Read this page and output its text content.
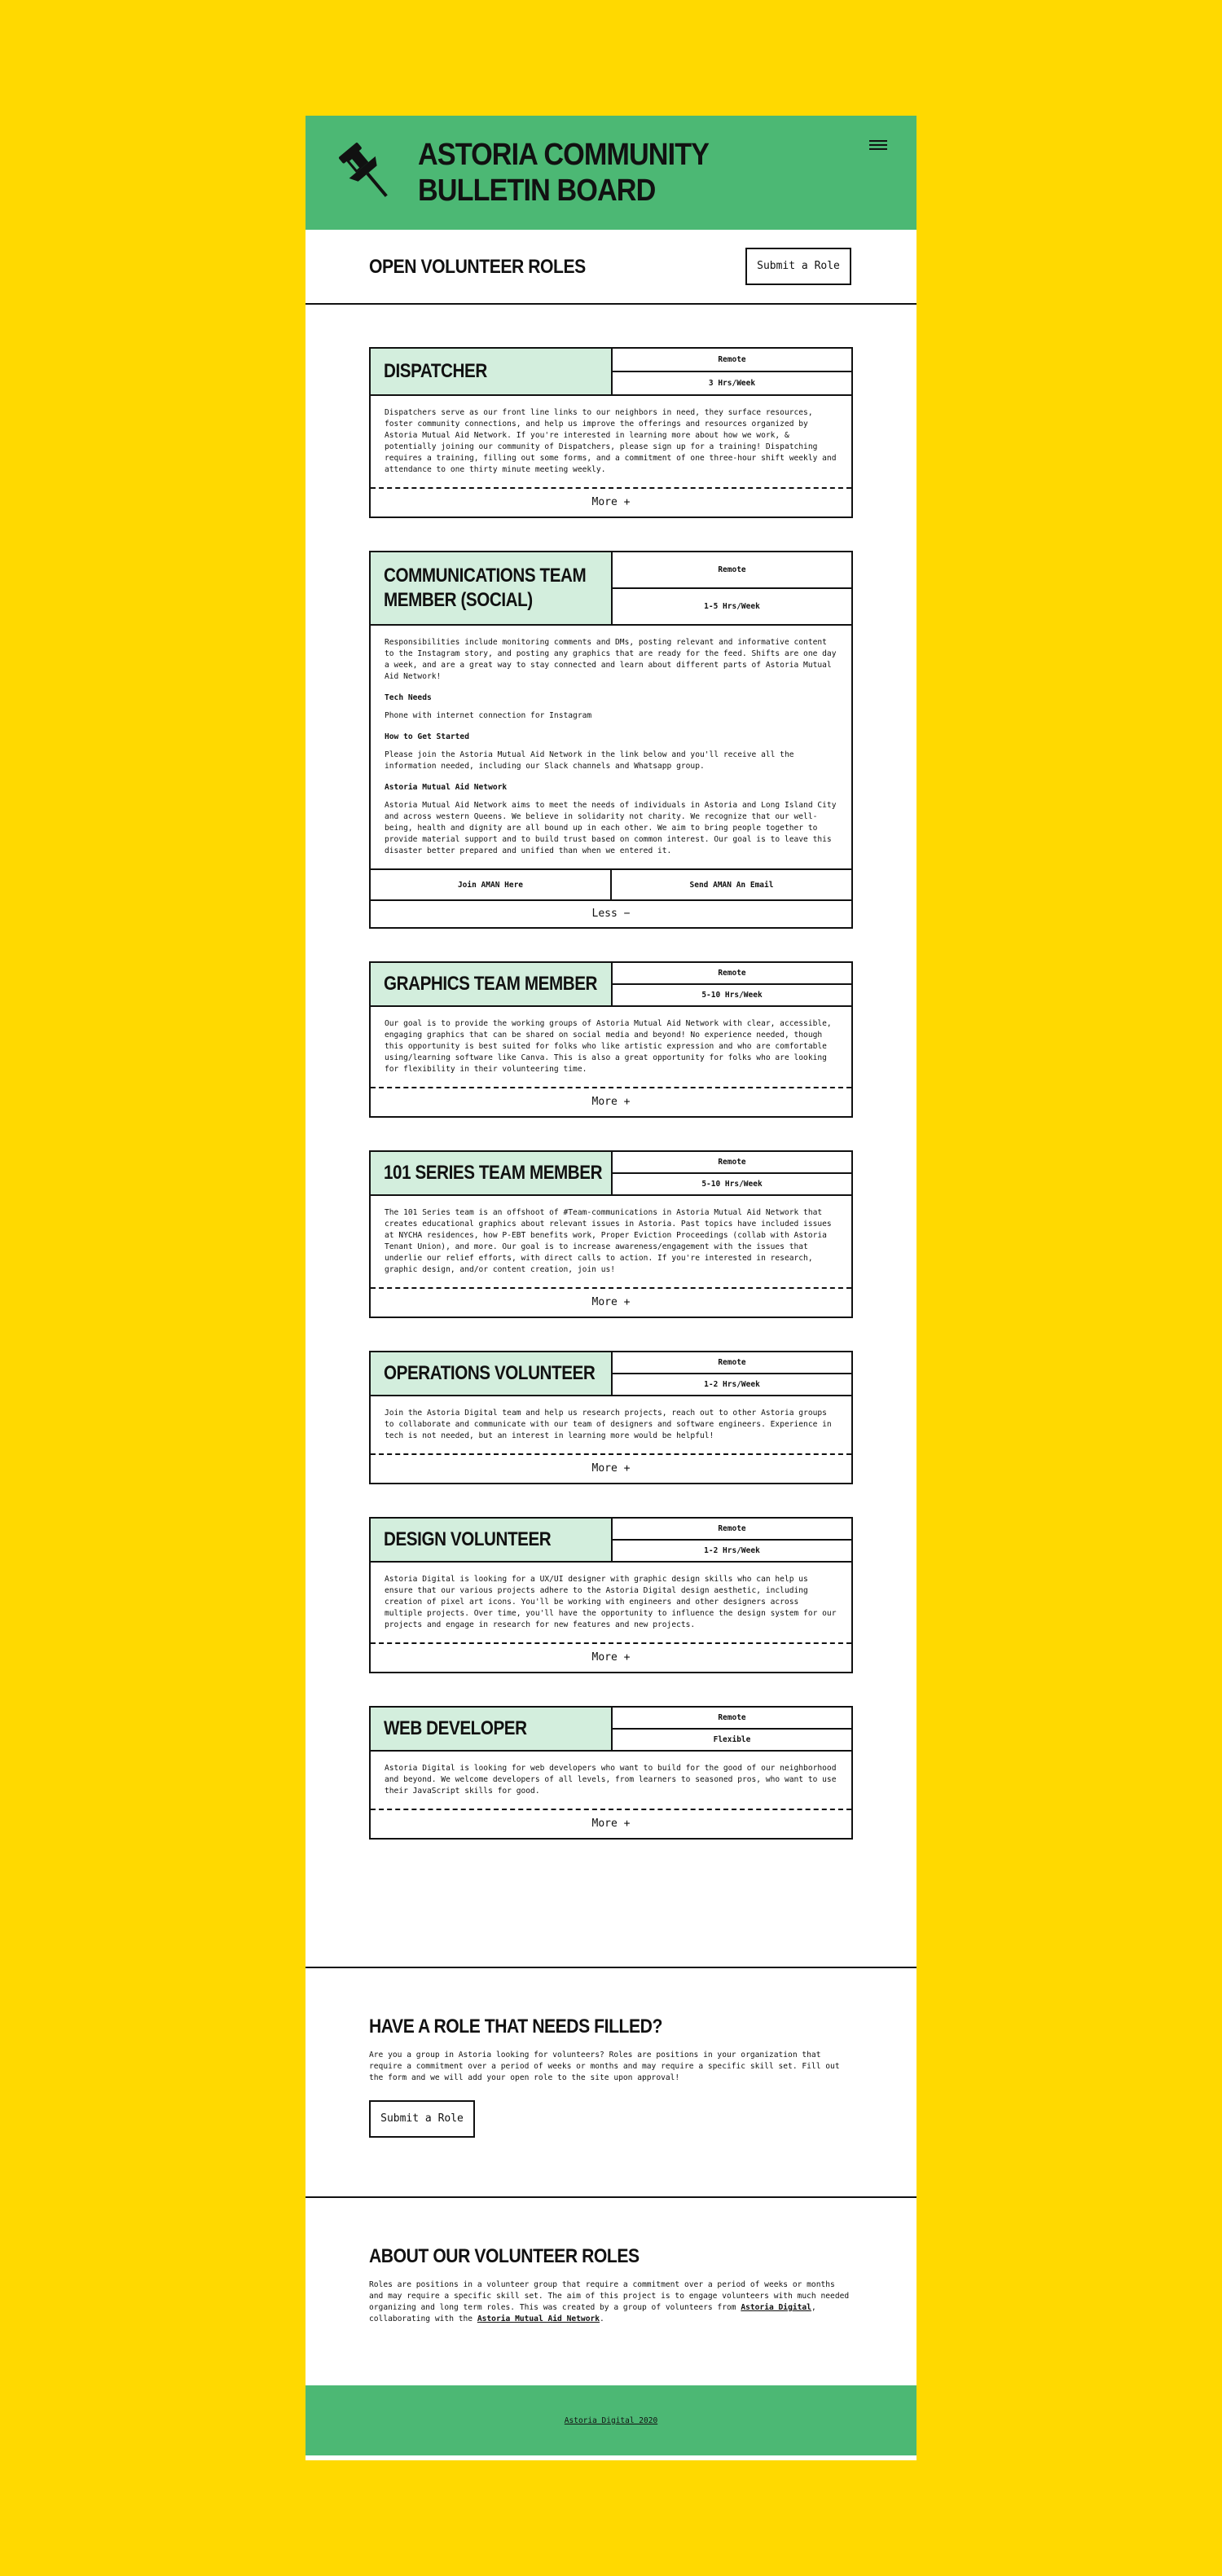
ASTORIA COMMUNITY
BULLETIN BOARD
OPEN VOLUNTEER ROLES	Submit a Role
DISPATCHER
Remote
3 Hrs/Week

Dispatchers serve as our front line links to our neighbors in need, they surface resources, foster community connections, and help us improve the offerings and resources organized by Astoria Mutual Aid Network. If you're interested in learning more about how we work, & potentially joining our community of Dispatchers, please sign up for a training! Dispatching requires a training, filling out some forms, and a commitment of one three-hour shift weekly and attendance to one thirty minute meeting weekly.

More +
COMMUNICATIONS TEAM
MEMBER (SOCIAL)
Remote
1-5 Hrs/Week

Responsibilities include monitoring comments and DMs, posting relevant and informative content to the Instagram story, and posting any graphics that are ready for the feed. Shifts are one day a week, and are a great way to stay connected and learn about different parts of Astoria Mutual Aid Network!

Tech Needs

Phone with internet connection for Instagram

How to Get Started

Please join the Astoria Mutual Aid Network in the link below and you'll receive all the information needed, including our Slack channels and Whatsapp group.

Astoria Mutual Aid Network

Astoria Mutual Aid Network aims to meet the needs of individuals in Astoria and Long Island City and across western Queens. We believe in solidarity not charity. We recognize that our well-being, health and dignity are all bound up in each other. We aim to bring people together to provide material support and to build trust based on common interest. Our goal is to leave this disaster better prepared and unified than when we entered it.

Join AMAN Here	Send AMAN An Email
Less −
GRAPHICS TEAM MEMBER	Remote
5-10 Hrs/Week

Our goal is to provide the working groups of Astoria Mutual Aid Network with clear, accessible, engaging graphics that can be shared on social media and beyond! No experience needed, though this opportunity is best suited for folks who like artistic expression and who are comfortable using/learning software like Canva. This is also a great opportunity for folks who are looking for flexibility in their volunteering time.

More +
101 SERIES TEAM MEMBER	Remote
5-10 Hrs/Week

The 101 Series team is an offshoot of #Team-communications in Astoria Mutual Aid Network that creates educational graphics about relevant issues in Astoria. Past topics have included issues at NYCHA residences, how P-EBT benefits work, Proper Eviction Proceedings (collab with Astoria Tenant Union), and more. Our goal is to increase awareness/engagement with the issues that underlie our relief efforts, with direct calls to action. If you're interested in research, graphic design, and/or content creation, join us!

More +
OPERATIONS VOLUNTEER	Remote
1-2 Hrs/Week

Join the Astoria Digital team and help us research projects, reach out to other Astoria groups to collaborate and communicate with our team of designers and software engineers. Experience in tech is not needed, but an interest in learning more would be helpful!

More +
DESIGN VOLUNTEER	Remote
1-2 Hrs/Week

Astoria Digital is looking for a UX/UI designer with graphic design skills who can help us ensure that our various projects adhere to the Astoria Digital design aesthetic, including creation of pixel art icons. You'll be working with engineers and other designers across multiple projects. Over time, you'll have the opportunity to influence the design system for our projects and engage in research for new features and new projects.

More +
WEB DEVELOPER	Remote
Flexible

Astoria Digital is looking for web developers who want to build for the good of our neighborhood and beyond. We welcome developers of all levels, from learners to seasoned pros, who want to use their JavaScript skills for good.

More +
HAVE A ROLE THAT NEEDS FILLED?

Are you a group in Astoria looking for volunteers? Roles are positions in your organization that require a commitment over a period of weeks or months and may require a specific skill set. Fill out the form and we will add your open role to the site upon approval!

Submit a Role
ABOUT OUR VOLUNTEER ROLES

Roles are positions in a volunteer group that require a commitment over a period of weeks or months and may require a specific skill set. The aim of this project is to engage volunteers with much needed organizing and long term roles. This was created by a group of volunteers from Astoria Digital, collaborating with the Astoria Mutual Aid Network.

Astoria Digital 2020
